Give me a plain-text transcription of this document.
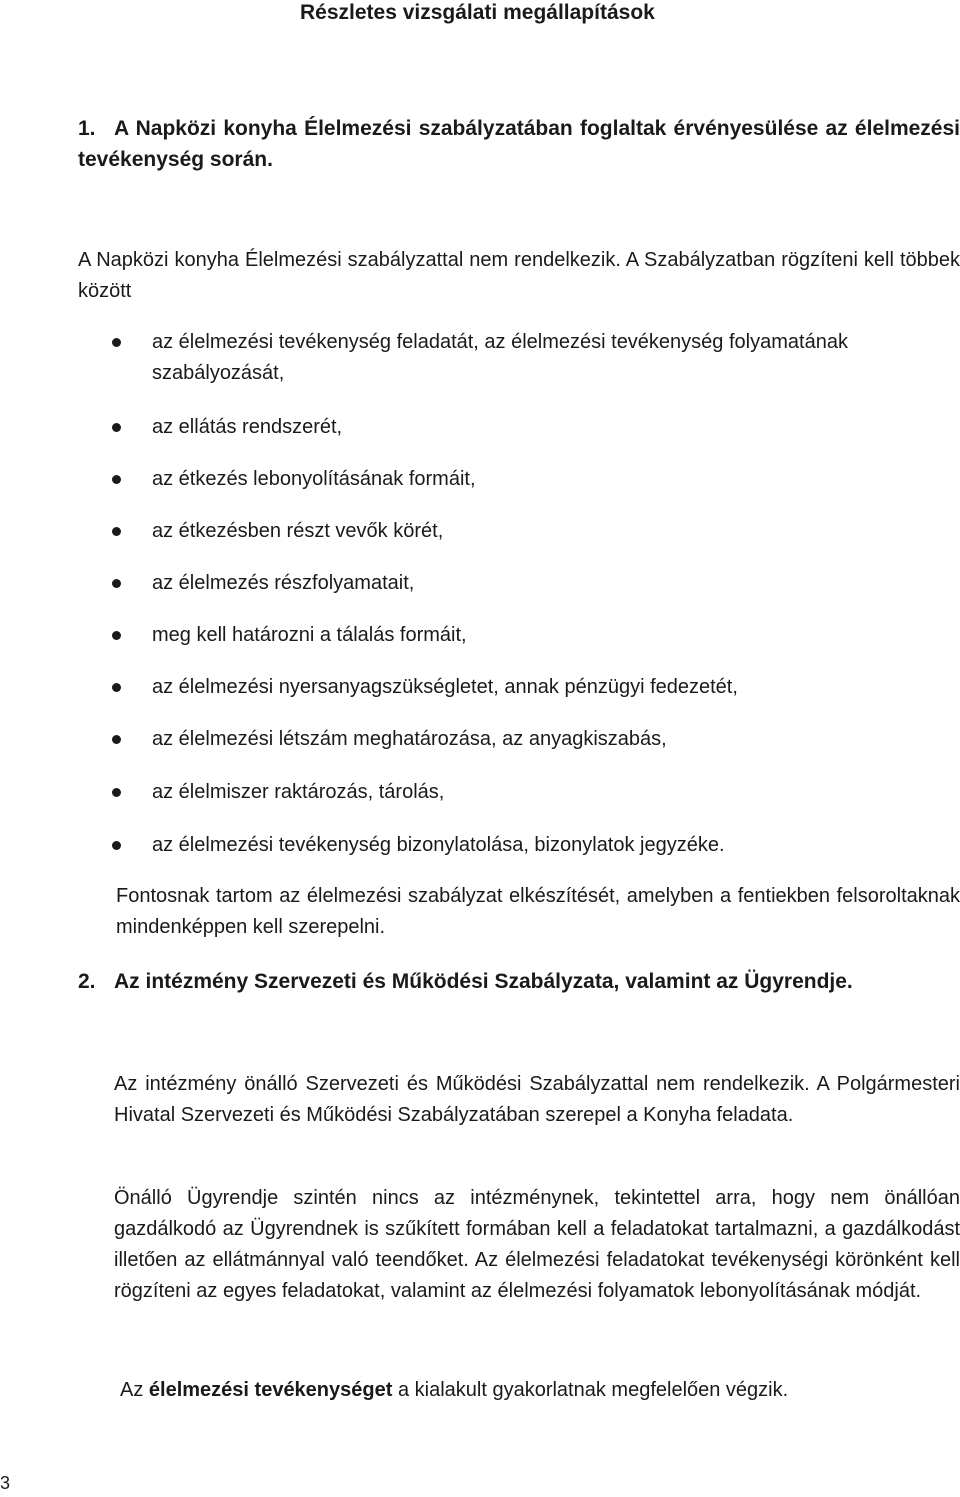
Részletes vizsgálati megállapítások
1. A Napközi konyha Élelmezési szabályzatában foglaltak érvényesülése az élelmezési tevékenység során.

A Napközi konyha Élelmezési szabályzattal nem rendelkezik. A Szabályzatban rögzíteni kell többek között

az élelmezési tevékenység feladatát, az élelmezési tevékenység folyamatának szabályozását,
az ellátás rendszerét,
az étkezés lebonyolításának formáit,
az étkezésben részt vevők körét,
az élelmezés részfolyamatait,
meg kell határozni a tálalás formáit,
az élelmezési nyersanyagszükségletet, annak pénzügyi fedezetét,
az élelmezési létszám meghatározása, az anyagkiszabás,
az élelmiszer raktározás, tárolás,
az élelmezési tevékenység bizonylatolása, bizonylatok jegyzéke.

Fontosnak tartom az élelmezési szabályzat elkészítését, amelyben a fentiekben felsoroltaknak mindenképpen kell szerepelni.

2. Az intézmény Szervezeti és Működési Szabályzata, valamint az Ügyrendje.

Az intézmény önálló Szervezeti és Működési Szabályzattal nem rendelkezik. A Polgármesteri Hivatal Szervezeti és Működési Szabályzatában szerepel a Konyha feladata.

Önálló Ügyrendje szintén nincs az intézménynek, tekintettel arra, hogy nem önállóan gazdálkodó az Ügyrendnek is szűkített formában kell a feladatokat tartalmazni, a gazdálkodást illetően az ellátmánnyal való teendőket. Az élelmezési feladatokat tevékenységi körönként kell rögzíteni az egyes feladatokat, valamint az élelmezési folyamatok lebonyolításának módját.

Az élelmezési tevékenységet a kialakult gyakorlatnak megfelelően végzik.

3
